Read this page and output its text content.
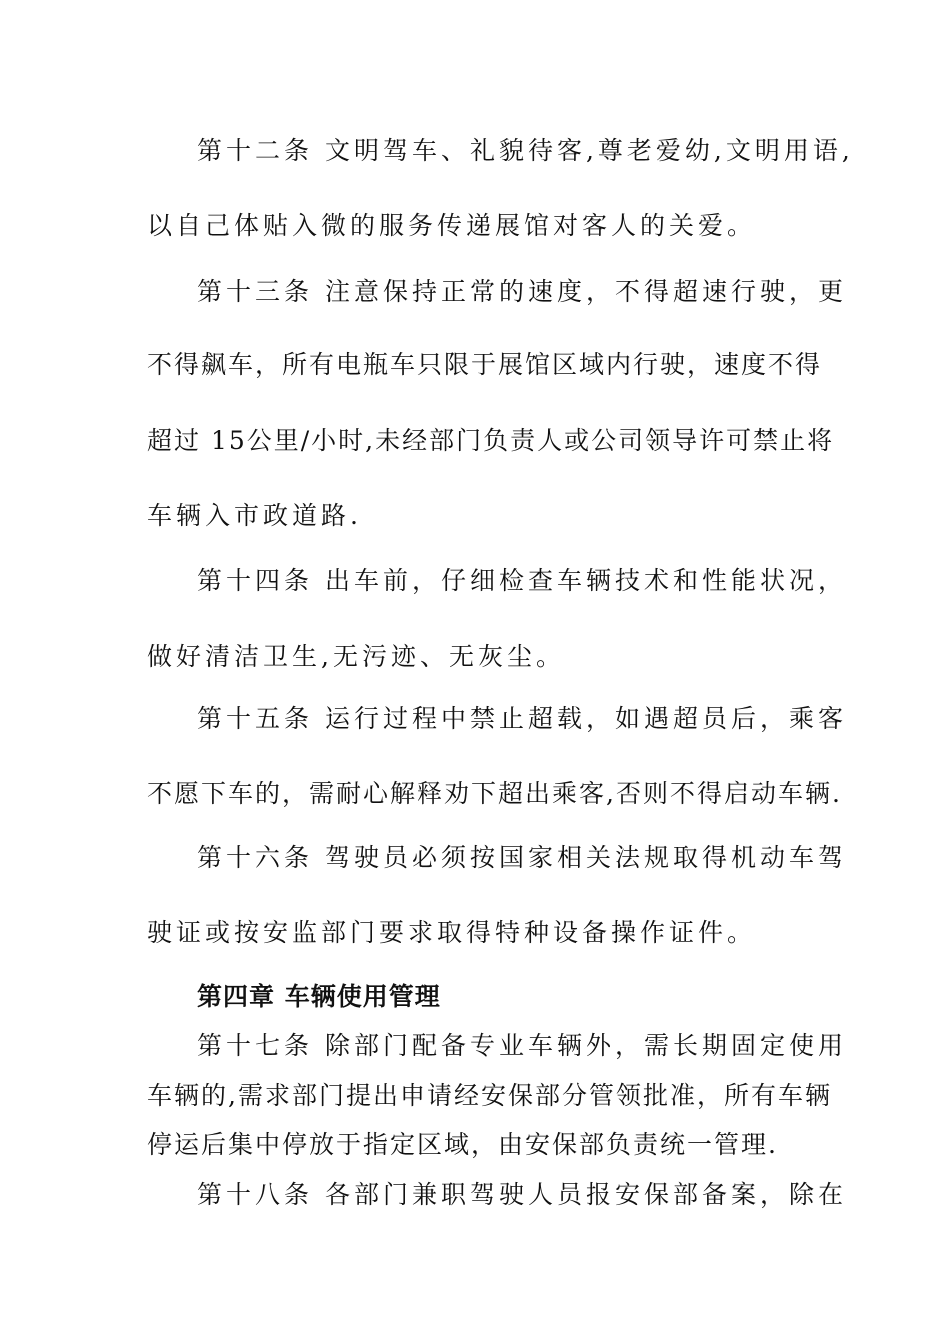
第十二条 文明驾车、礼貌待客,尊老爱幼,文明用语,
以自己体贴入微的服务传递展馆对客人的关爱。
第十三条 注意保持正常的速度，不得超速行驶，更
不得飙车，所有电瓶车只限于展馆区域内行驶，速度不得
超过 15公里/小时,未经部门负责人或公司领导许可禁止将
车辆入市政道路.
第十四条 出车前，仔细检查车辆技术和性能状况，
做好清洁卫生,无污迹、无灰尘。
第十五条 运行过程中禁止超载，如遇超员后，乘客
不愿下车的，需耐心解释劝下超出乘客,否则不得启动车辆.
第十六条 驾驶员必须按国家相关法规取得机动车驾
驶证或按安监部门要求取得特种设备操作证件。
第四章 车辆使用管理
第十七条 除部门配备专业车辆外，需长期固定使用
车辆的,需求部门提出申请经安保部分管领批准，所有车辆
停运后集中停放于指定区域，由安保部负责统一管理.
第十八条 各部门兼职驾驶人员报安保部备案，除在
